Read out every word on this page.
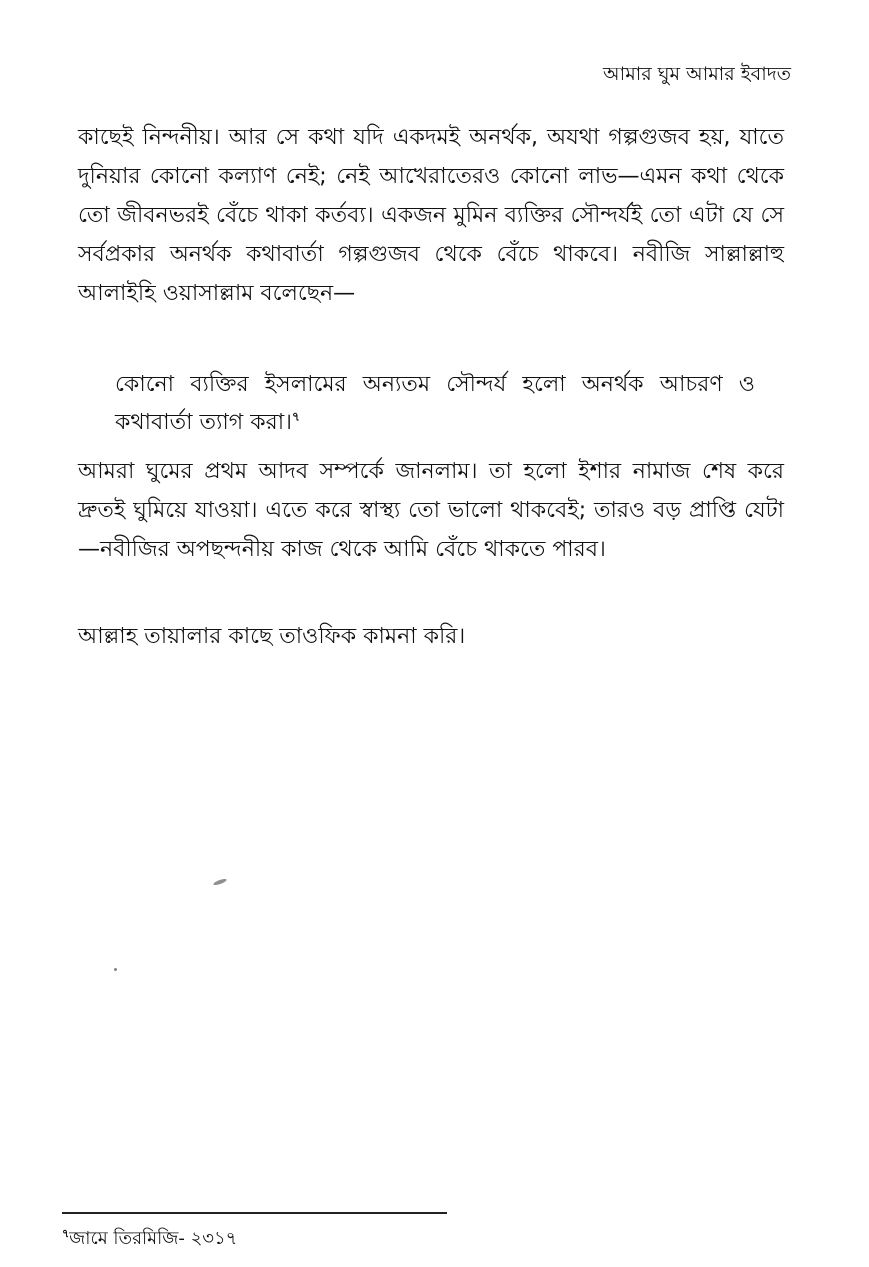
আমার ঘুম আমার ইবাদত

কাছেই নিন্দনীয়। আর সে কথা যদি একদমই অনর্থক, অযথা গল্পগুজব হয়, যাতে দুনিয়ার কোনো কল্যাণ নেই; নেই আখেরাতেরও কোনো লাভ—এমন কথা থেকে তো জীবনভরই বেঁচে থাকা কর্তব্য। একজন মুমিন ব্যক্তির সৌন্দর্যই তো এটা যে সে সর্বপ্রকার অনর্থক কথাবার্তা গল্পগুজব থেকে বেঁচে থাকবে। নবীজি সাল্লাল্লাহু আলাইহি ওয়াসাল্লাম বলেছেন—

কোনো ব্যক্তির ইসলামের অন্যতম সৌন্দর্য হলো অনর্থক আচরণ ও কথাবার্তা ত্যাগ করা।$^৭$

আমরা ঘুমের প্রথম আদব সম্পর্কে জানলাম। তা হলো ইশার নামাজ শেষ করে দ্রুতই ঘুমিয়ে যাওয়া। এতে করে স্বাস্থ্য তো ভালো থাকবেই; তারও বড় প্রাপ্তি যেটা—নবীজির অপছন্দনীয় কাজ থেকে আমি বেঁচে থাকতে পারব।

আল্লাহ তায়ালার কাছে তাওফিক কামনা করি।

$^৭$জামে তিরমিজি- ২৩১৭
